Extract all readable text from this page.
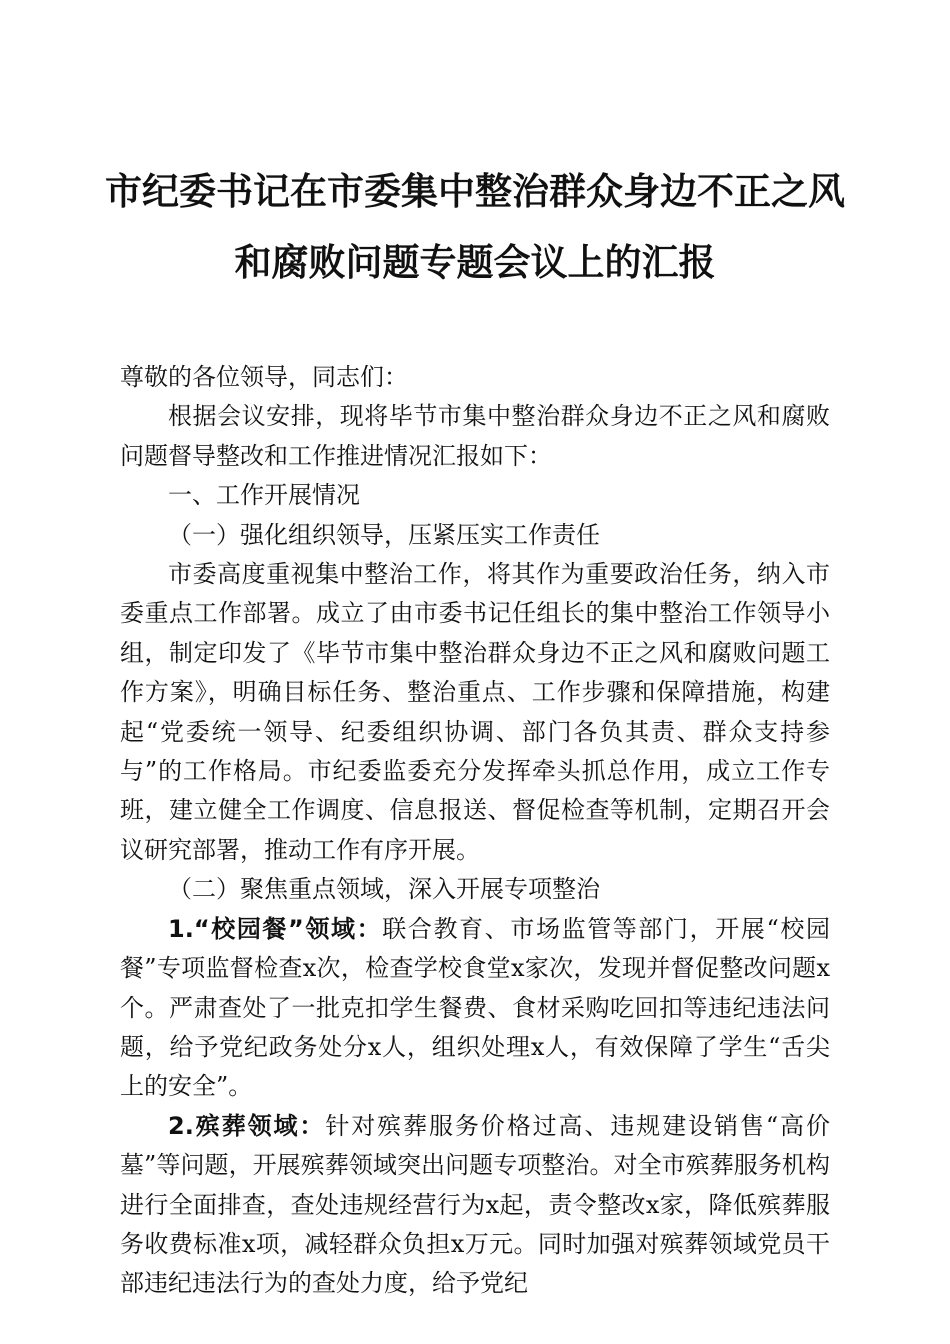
市纪委书记在市委集中整治群众身边不正之风
和腐败问题专题会议上的汇报

尊敬的各位领导，同志们：

根据会议安排，现将毕节市集中整治群众身边不正之风和腐败问题督导整改和工作推进情况汇报如下：

一、工作开展情况

（一）强化组织领导，压紧压实工作责任

市委高度重视集中整治工作，将其作为重要政治任务，纳入市委重点工作部署。成立了由市委书记任组长的集中整治工作领导小组，制定印发了《毕节市集中整治群众身边不正之风和腐败问题工作方案》，明确目标任务、整治重点、工作步骤和保障措施，构建起“党委统一领导、纪委组织协调、部门各负其责、群众支持参与”的工作格局。市纪委监委充分发挥牵头抓总作用，成立工作专班，建立健全工作调度、信息报送、督促检查等机制，定期召开会议研究部署，推动工作有序开展。

（二）聚焦重点领域，深入开展专项整治

1.“校园餐”领域：联合教育、市场监管等部门，开展“校园餐”专项监督检查x次，检查学校食堂x家次，发现并督促整改问题x个。严肃查处了一批克扣学生餐费、食材采购吃回扣等违纪违法问题，给予党纪政务处分x人，组织处理x人，有效保障了学生“舌尖上的安全”。

2.殡葬领域：针对殡葬服务价格过高、违规建设销售“高价墓”等问题，开展殡葬领域突出问题专项整治。对全市殡葬服务机构进行全面排查，查处违规经营行为x起，责令整改x家，降低殡葬服务收费标准x项，减轻群众负担x万元。同时加强对殡葬领域党员干部违纪违法行为的查处力度，给予党纪
